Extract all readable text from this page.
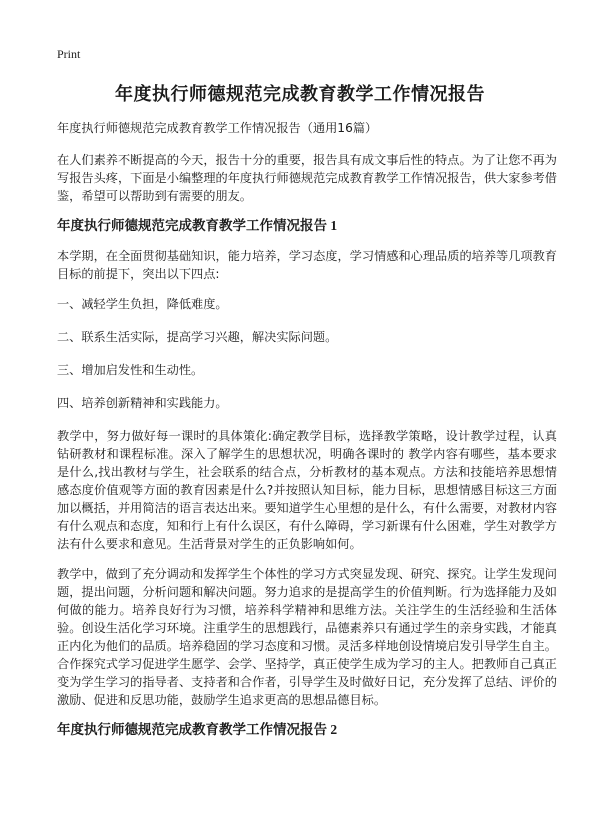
Print
年度执行师德规范完成教育教学工作情况报告

年度执行师德规范完成教育教学工作情况报告（通用16篇）

在人们素养不断提高的今天，报告十分的重要，报告具有成文事后性的特点。为了让您不再为写报告头疼，下面是小编整理的年度执行师德规范完成教育教学工作情况报告，供大家参考借鉴，希望可以帮助到有需要的朋友。

年度执行师德规范完成教育教学工作情况报告 1

本学期，在全面贯彻基础知识，能力培养，学习态度，学习情感和心理品质的培养等几项教育目标的前提下，突出以下四点:

一、减轻学生负担，降低难度。
二、联系生活实际，提高学习兴趣，解决实际问题。
三、增加启发性和生动性。
四、培养创新精神和实践能力。

教学中，努力做好每一课时的具体策化:确定教学目标，选择教学策略，设计教学过程，认真钻研教材和课程标准。深入了解学生的思想状况，明确各课时的 教学内容有哪些，基本要求是什么,找出教材与学生，社会联系的结合点，分析教材的基本观点。方法和技能培养思想情感态度价值观等方面的教育因素是什么?并按照认知目标，能力目标，思想情感目标这三方面加以概括，并用简洁的语言表达出来。要知道学生心里想的是什么，有什么需要，对教材内容有什么观点和态度，知和行上有什么误区，有什么障碍，学习新课有什么困难，学生对教学方法有什么要求和意见。生活背景对学生的正负影响如何。

教学中，做到了充分调动和发挥学生个体性的学习方式突显发现、研究、探究。让学生发现问题，提出问题，分析问题和解决问题。努力追求的是提高学生的价值判断。行为选择能力及如何做的能力。培养良好行为习惯，培养科学精神和思维方法。关注学生的生活经验和生活体验。创设生活化学习环境。注重学生的思想践行，品德素养只有通过学生的亲身实践，才能真正内化为他们的品质。培养稳固的学习态度和习惯。灵活多样地创设情境启发引导学生自主。合作探究式学习促进学生愿学、会学、坚持学，真正使学生成为学习的主人。把教师自己真正变为学生学习的指导者、支持者和合作者，引导学生及时做好日记，充分发挥了总结、评价的激励、促进和反思功能，鼓励学生追求更高的思想品德目标。

年度执行师德规范完成教育教学工作情况报告 2
